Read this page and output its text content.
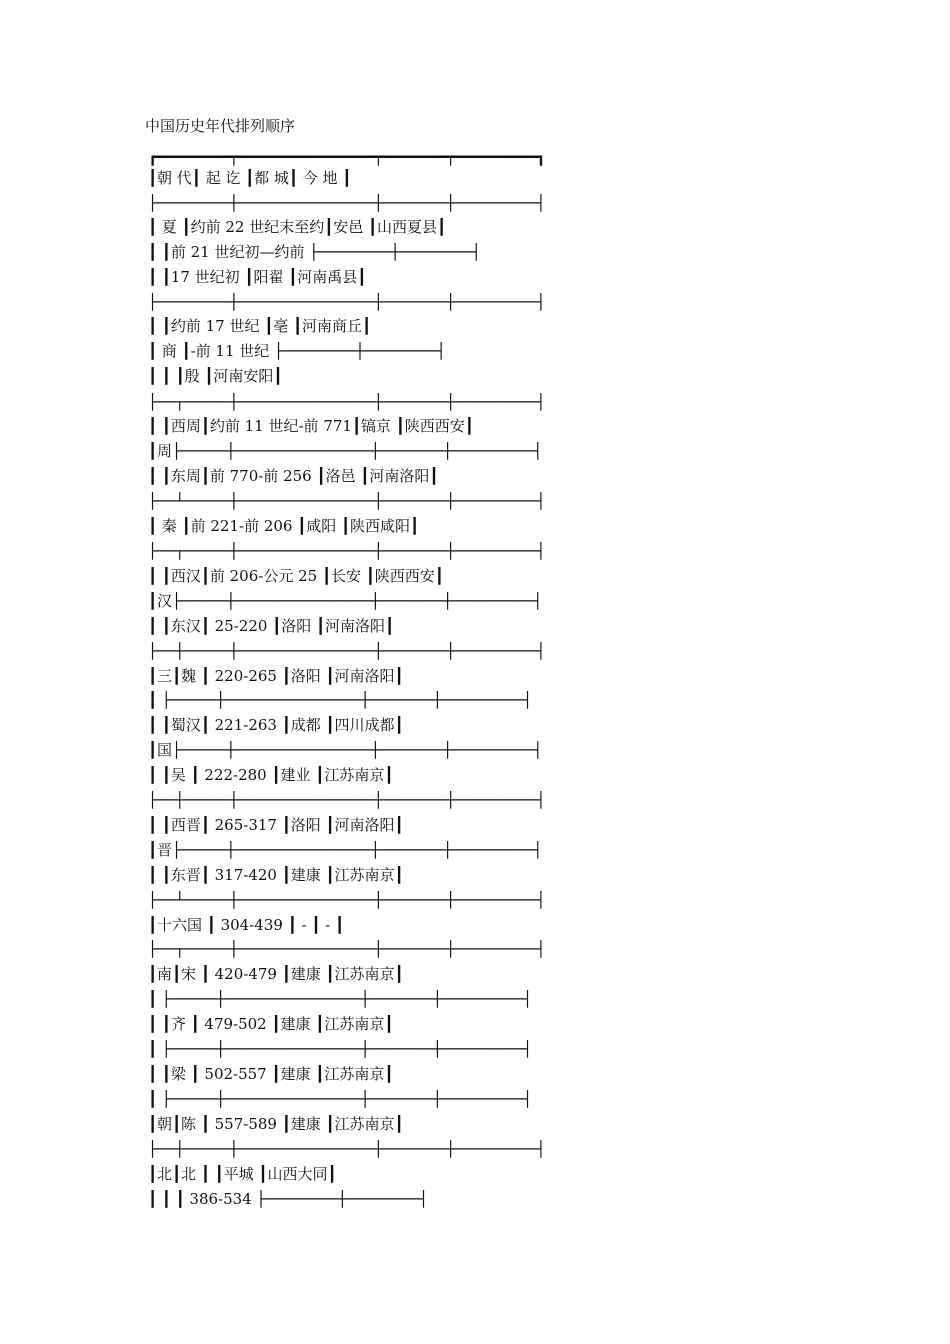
中国历史年代排列顺序
┏━━━━━━━━┯━━━━━━━━━━━━━━━┯━━━━━━━┯━━━━━━━━━┓
┃朝 代┃ 起 讫 ┃都 城┃ 今 地 ┃
├────────┼───────────────┼───────┼─────────┤
┃ 夏 ┃约前 22 世纪末至约┃安邑 ┃山西夏县┃
┃ ┃前 21 世纪初—约前 ├────────┼────────┤
┃ ┃17 世纪初 ┃阳翟 ┃河南禹县┃
├────────┼───────────────┼───────┼─────────┤
┃ ┃约前 17 世纪 ┃亳 ┃河南商丘┃
┃ 商 ┃-前 11 世纪 ├────────┼────────┤
┃ ┃ ┃殷 ┃河南安阳┃
├──┬─────┼───────────────┼───────┼─────────┤
┃ ┃西周┃约前 11 世纪-前 771┃镐京 ┃陕西西安┃
┃周├─────┼───────────────┼───────┼─────────┤
┃ ┃东周┃前 770-前 256 ┃洛邑 ┃河南洛阳┃
├──┴─────┼───────────────┼───────┼─────────┤
┃ 秦 ┃前 221-前 206 ┃咸阳 ┃陕西咸阳┃
├──┬─────┼───────────────┼───────┼─────────┤
┃ ┃西汉┃前 206-公元 25 ┃长安 ┃陕西西安┃
┃汉├─────┼───────────────┼───────┼─────────┤
┃ ┃东汉┃ 25-220 ┃洛阳 ┃河南洛阳┃
├──┼─────┼───────────────┼───────┼─────────┤
┃三┃魏 ┃ 220-265 ┃洛阳 ┃河南洛阳┃
┃ ├─────┼───────────────┼───────┼─────────┤
┃ ┃蜀汉┃ 221-263 ┃成都 ┃四川成都┃
┃国├─────┼───────────────┼───────┼─────────┤
┃ ┃吴 ┃ 222-280 ┃建业 ┃江苏南京┃
├──┼─────┼───────────────┼───────┼─────────┤
┃ ┃西晋┃ 265-317 ┃洛阳 ┃河南洛阳┃
┃晋├─────┼───────────────┼───────┼─────────┤
┃ ┃东晋┃ 317-420 ┃建康 ┃江苏南京┃
├──┴─────┼───────────────┼───────┼─────────┤
┃十六国 ┃ 304-439 ┃ - ┃ - ┃
├──┬─────┼───────────────┼───────┼─────────┤
┃南┃宋 ┃ 420-479 ┃建康 ┃江苏南京┃
┃ ├─────┼───────────────┼───────┼─────────┤
┃ ┃齐 ┃ 479-502 ┃建康 ┃江苏南京┃
┃ ├─────┼───────────────┼───────┼─────────┤
┃ ┃梁 ┃ 502-557 ┃建康 ┃江苏南京┃
┃ ├─────┼───────────────┼───────┼─────────┤
┃朝┃陈 ┃ 557-589 ┃建康 ┃江苏南京┃
├──┼─────┼───────────────┼───────┼─────────┤
┃北┃北 ┃ ┃平城 ┃山西大同┃
┃ ┃ ┃ 386-534 ├────────┼────────┤
